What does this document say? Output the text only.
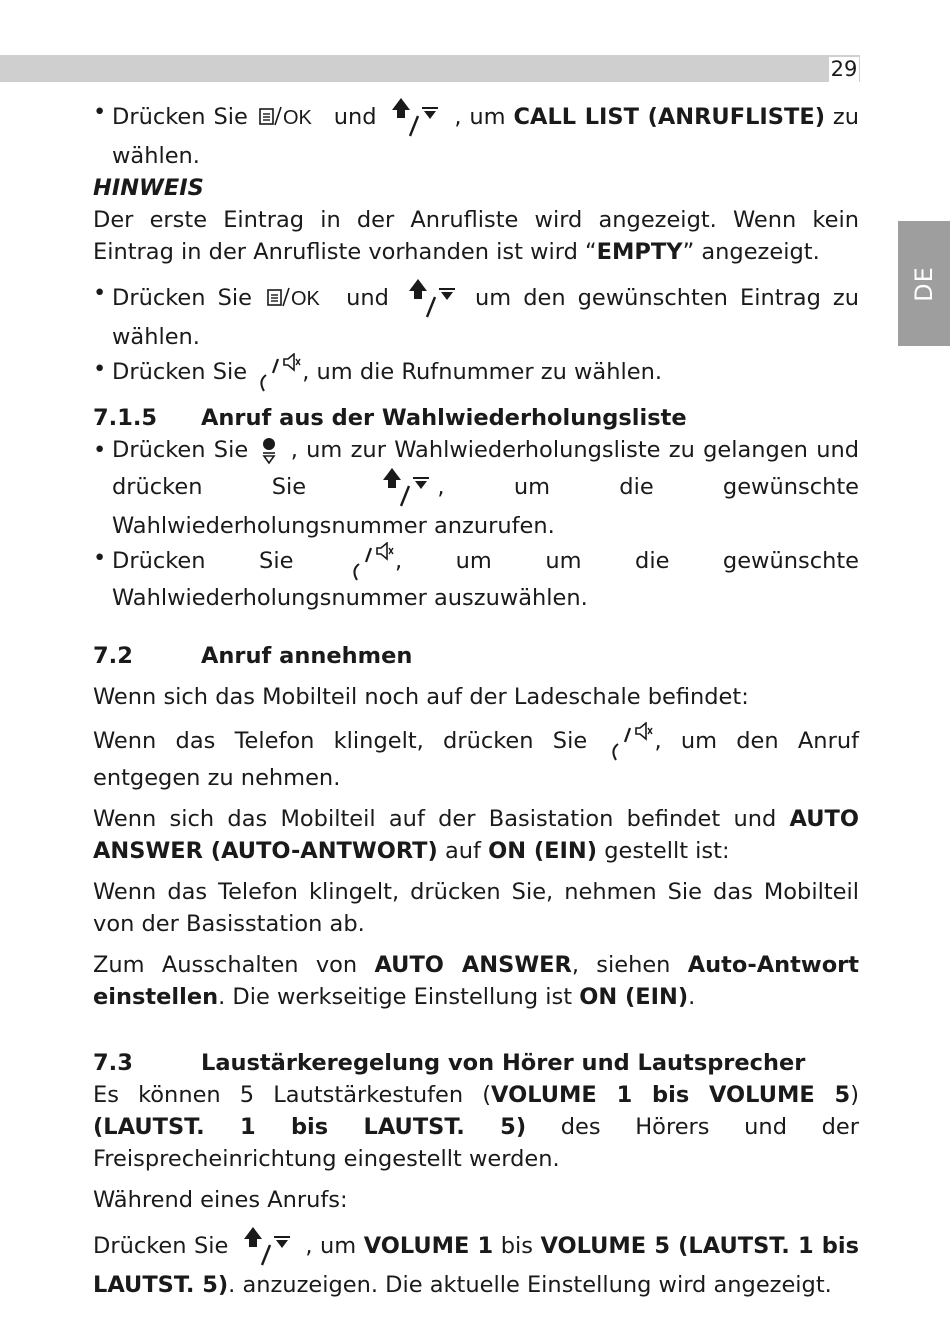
29
DE

• Drücken Sie OK und	, um CALL LIST (ANRUFLISTE) zu wählen.

HINWEIS

Der erste Eintrag in der Anrufliste wird angezeigt. Wenn kein Eintrag in der Anrufliste vorhanden ist wird “EMPTY” angezeigt.

• Drücken Sie OK und	um den gewünschten Eintrag zu wählen.

• Drücken Sie , um die Rufnummer zu wählen.

7.1.5	Anruf aus der Wahlwiederholungsliste

• Drücken Sie , um zur Wahlwiederholungsliste zu gelangen und drücken Sie	, um die gewünschte Wahlwiederholungsnummer anzurufen.

• Drücken Sie	, um um die gewünschte Wahlwiederholungsnummer auszuwählen.

7.2	Anruf annehmen

Wenn sich das Mobilteil noch auf der Ladeschale befindet:

Wenn das Telefon klingelt, drücken Sie	, um den Anruf entgegen zu nehmen.

Wenn sich das Mobilteil auf der Basistation befindet und AUTO ANSWER (AUTO-ANTWORT) auf ON (EIN) gestellt ist:

Wenn das Telefon klingelt, drücken Sie, nehmen Sie das Mobilteil von der Basisstation ab.

Zum Ausschalten von AUTO ANSWER, siehen Auto-Antwort einstellen. Die werkseitige Einstellung ist ON (EIN).

7.3	Laustärkeregelung von Hörer und Lautsprecher

Es können 5 Lautstärkestufen (VOLUME 1 bis VOLUME 5) (LAUTST. 1 bis LAUTST. 5) des Hörers und der Freisprecheinrichtung eingestellt werden.

Während eines Anrufs:

Drücken Sie	, um VOLUME 1 bis VOLUME 5 (LAUTST. 1 bis LAUTST. 5). anzuzeigen. Die aktuelle Einstellung wird angezeigt.
